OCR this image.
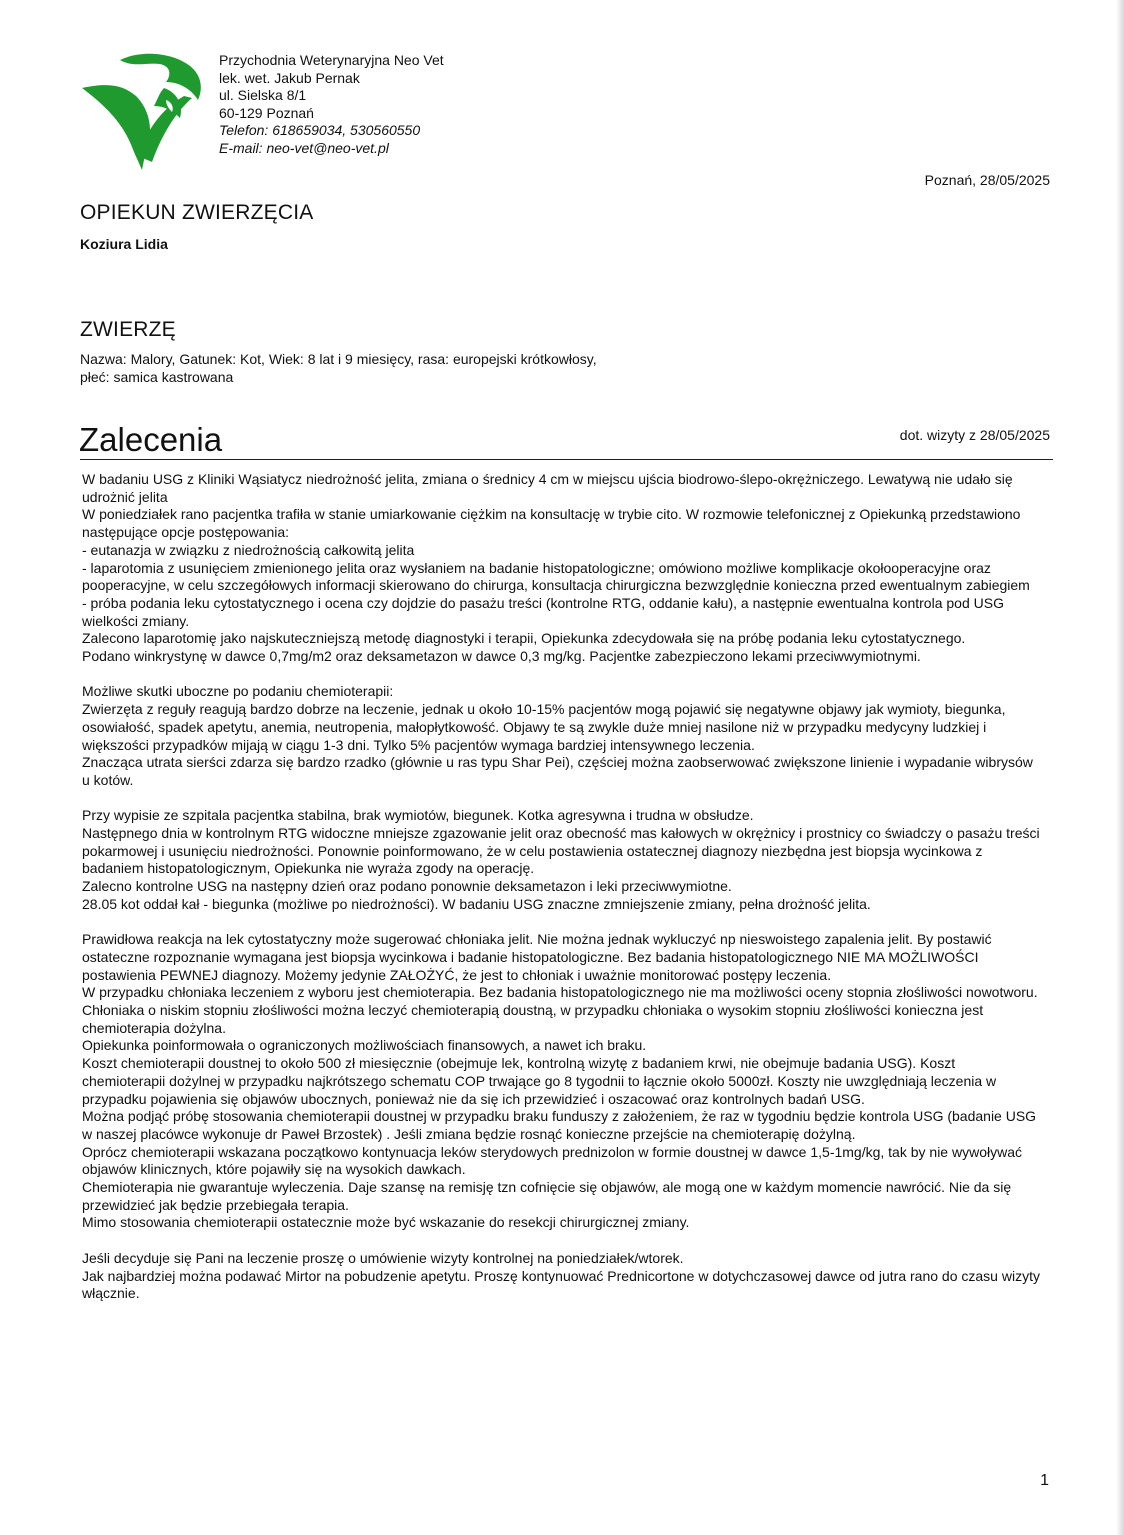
Przychodnia Weterynaryjna Neo Vet
lek. wet. Jakub Pernak
ul. Sielska 8/1
60-129 Poznań
Telefon: 618659034, 530560550
E-mail: neo-vet@neo-vet.pl
Poznań, 28/05/2025
OPIEKUN ZWIERZĘCIA
Koziura Lidia
ZWIERZĘ
Nazwa: Malory, Gatunek: Kot, Wiek: 8 lat i 9 miesięcy, rasa: europejski krótkowłosy,
płeć: samica kastrowana
Zalecenia	dot. wizyty z 28/05/2025

W badaniu USG z Kliniki Wąsiatycz niedrożność jelita, zmiana o średnicy 4 cm w miejscu ujścia biodrowo-ślepo-okrężniczego. Lewatywą nie udało się udrożnić jelita

W poniedziałek rano pacjentka trafiła w stanie umiarkowanie ciężkim na konsultację w trybie cito. W rozmowie telefonicznej z Opiekunką przedstawiono następujące opcje postępowania:

- eutanazja w związku z niedrożnością całkowitą jelita

- laparotomia z usunięciem zmienionego jelita oraz wysłaniem na badanie histopatologiczne; omówiono możliwe komplikacje okołooperacyjne oraz pooperacyjne, w celu szczegółowych informacji skierowano do chirurga, konsultacja chirurgiczna bezwzględnie konieczna przed ewentualnym zabiegiem

- próba podania leku cytostatycznego i ocena czy dojdzie do pasażu treści (kontrolne RTG, oddanie kału), a następnie ewentualna kontrola pod USG wielkości zmiany.

Zalecono laparotomię jako najskuteczniejszą metodę diagnostyki i terapii, Opiekunka zdecydowała się na próbę podania leku cytostatycznego.

Podano winkrystynę w dawce 0,7mg/m2 oraz deksametazon w dawce 0,3 mg/kg. Pacjentke zabezpieczono lekami przeciwwymiotnymi.

Możliwe skutki uboczne po podaniu chemioterapii:

Zwierzęta z reguły reagują bardzo dobrze na leczenie, jednak u około 10-15% pacjentów mogą pojawić się negatywne objawy jak wymioty, biegunka, osowiałość, spadek apetytu, anemia, neutropenia, małopłytkowość. Objawy te są zwykle duże mniej nasilone niż w przypadku medycyny ludzkiej i większości przypadków mijają w ciągu 1-3 dni. Tylko 5% pacjentów wymaga bardziej intensywnego leczenia.

Znacząca utrata sierści zdarza się bardzo rzadko (głównie u ras typu Shar Pei), częściej można zaobserwować zwiększone linienie i wypadanie wibrysów u kotów.

Przy wypisie ze szpitala pacjentka stabilna, brak wymiotów, biegunek. Kotka agresywna i trudna w obsłudze.

Następnego dnia w kontrolnym RTG widoczne mniejsze zgazowanie jelit oraz obecność mas kałowych w okrężnicy i prostnicy co świadczy o pasażu treści pokarmowej i usunięciu niedrożności. Ponownie poinformowano, że w celu postawienia ostatecznej diagnozy niezbędna jest biopsja wycinkowa z badaniem histopatologicznym, Opiekunka nie wyraża zgody na operację.

Zalecno kontrolne USG na następny dzień oraz podano ponownie deksametazon i leki przeciwwymiotne.

28.05 kot oddał kał - biegunka (możliwe po niedrożności). W badaniu USG znaczne zmniejszenie zmiany, pełna drożność jelita.

Prawidłowa reakcja na lek cytostatyczny może sugerować chłoniaka jelit. Nie można jednak wykluczyć np nieswoistego zapalenia jelit. By postawić ostateczne rozpoznanie wymagana jest biopsja wycinkowa i badanie histopatologiczne. Bez badania histopatologicznego NIE MA MOŻLIWOŚCI postawienia PEWNEJ diagnozy. Możemy jedynie ZAŁOŻYĆ, że jest to chłoniak i uważnie monitorować postępy leczenia.

W przypadku chłoniaka leczeniem z wyboru jest chemioterapia. Bez badania histopatologicznego nie ma możliwości oceny stopnia złośliwości nowotworu. Chłoniaka o niskim stopniu złośliwości można leczyć chemioterapią doustną, w przypadku chłoniaka o wysokim stopniu złośliwości konieczna jest chemioterapia dożylna.

Opiekunka poinformowała o ograniczonych możliwościach finansowych, a nawet ich braku.

Koszt chemioterapii doustnej to około 500 zł miesięcznie (obejmuje lek, kontrolną wizytę z badaniem krwi, nie obejmuje badania USG). Koszt chemioterapii dożylnej w przypadku najkrótszego schematu COP trwające go 8 tygodnii to łącznie około 5000zł. Koszty nie uwzględniają leczenia w przypadku pojawienia się objawów ubocznych, ponieważ nie da się ich przewidzieć i oszacować oraz kontrolnych badań USG.

Można podjąć próbę stosowania chemioterapii doustnej w przypadku braku funduszy z założeniem, że raz w tygodniu będzie kontrola USG (badanie USG w naszej placówce wykonuje dr Paweł Brzostek) . Jeśli zmiana będzie rosnąć konieczne przejście na chemioterapię dożylną.

Oprócz chemioterapii wskazana początkowo kontynuacja leków sterydowych prednizolon w formie doustnej w dawce 1,5-1mg/kg, tak by nie wywoływać objawów klinicznych, które pojawiły się na wysokich dawkach.

Chemioterapia nie gwarantuje wyleczenia. Daje szansę na remisję tzn cofnięcie się objawów, ale mogą one w każdym momencie nawrócić. Nie da się przewidzieć jak będzie przebiegała terapia.

Mimo stosowania chemioterapii ostatecznie może być wskazanie do resekcji chirurgicznej zmiany.

Jeśli decyduje się Pani na leczenie proszę o umówienie wizyty kontrolnej na poniedziałek/wtorek.

Jak najbardziej można podawać Mirtor na pobudzenie apetytu. Proszę kontynuować Prednicortone w dotychczasowej dawce od jutra rano do czasu wizyty włącznie.

1
